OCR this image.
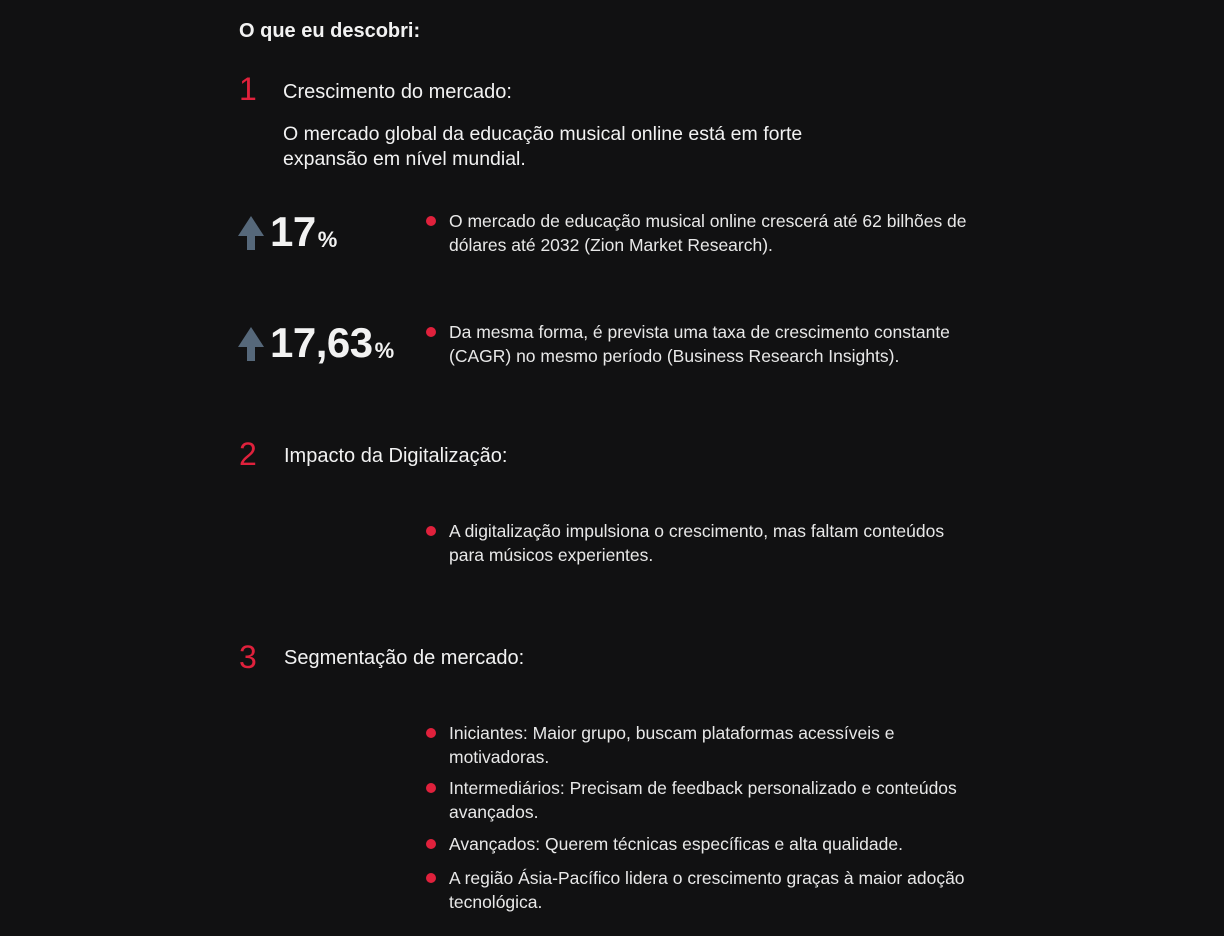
O que eu descobri:
1 Crescimento do mercado:
O mercado global da educação musical online está em forte expansão em nível mundial.
17 %
O mercado de educação musical online crescerá até 62 bilhões de dólares até 2032 (Zion Market Research).
17,63 %
Da mesma forma, é prevista uma taxa de crescimento constante (CAGR) no mesmo período (Business Research Insights).
2 Impacto da Digitalização:
A digitalização impulsiona o crescimento, mas faltam conteúdos para músicos experientes.
3 Segmentação de mercado:
Iniciantes: Maior grupo, buscam plataformas acessíveis e motivadoras.
Intermediários: Precisam de feedback personalizado e conteúdos avançados.
Avançados: Querem técnicas específicas e alta qualidade.
A região Ásia-Pacífico lidera o crescimento graças à maior adoção tecnológica.
